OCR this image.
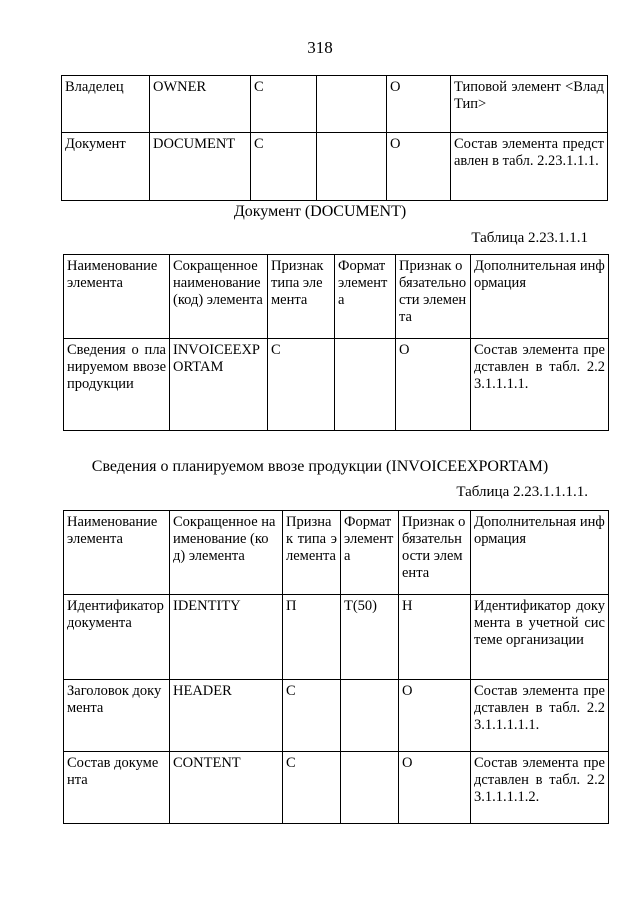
318
Владелец	OWNER	С		О	Типовой элемент <ВладТип>
Документ	DOCUMENT	С		О	Состав элемента представлен в табл. 2.23.1.1.1.
Документ (DOCUMENT)
Таблица 2.23.1.1.1
Наименование элемента	Сокращенное наименование (код) элемента	Признак типа элемента	Формат элемента	Признак обязательности элемента	Дополнительная информация
Сведения о планируемом ввозе продукции	INVOICEEXPORTAM	С		О	Состав элемента представлен в табл. 2.23.1.1.1.1.
Сведения о планируемом ввозе продукции (INVOICEEXPORTAM)
Таблица 2.23.1.1.1.1.
Наименование элемента	Сокращенное наименование (код) элемента	Признак типа элемента	Формат элемента	Признак обязательности элемента	Дополнительная информация
Идентификатор документа	IDENTITY	П	Т(50)	Н	Идентификатор документа в учетной системе организации
Заголовок документа	HEADER	С		О	Состав элемента представлен в табл. 2.23.1.1.1.1.1.
Состав документа	CONTENT	С		О	Состав элемента представлен в табл. 2.23.1.1.1.1.2.
